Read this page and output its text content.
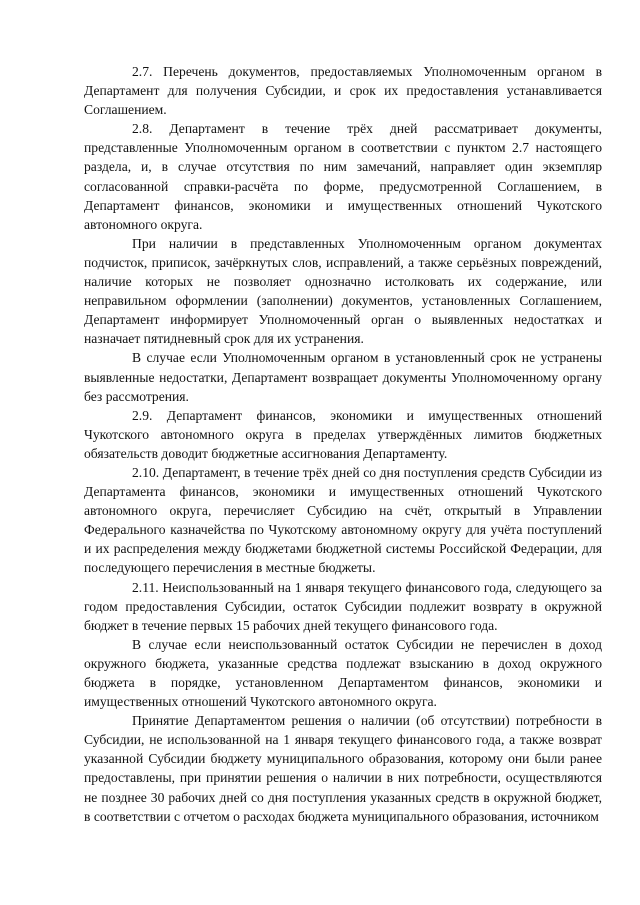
2.7. Перечень документов, предоставляемых Уполномоченным органом в Департамент для получения Субсидии, и срок их предоставления устанавливается Соглашением.

2.8. Департамент в течение трёх дней рассматривает документы, представленные Уполномоченным органом в соответствии с пунктом 2.7 настоящего раздела, и, в случае отсутствия по ним замечаний, направляет один экземпляр согласованной справки-расчёта по форме, предусмотренной Соглашением, в Департамент финансов, экономики и имущественных отношений Чукотского автономного округа.

При наличии в представленных Уполномоченным органом документах подчисток, приписок, зачёркнутых слов, исправлений, а также серьёзных повреждений, наличие которых не позволяет однозначно истолковать их содержание, или неправильном оформлении (заполнении) документов, установленных Соглашением, Департамент информирует Уполномоченный орган о выявленных недостатках и назначает пятидневный срок для их устранения.

В случае если Уполномоченным органом в установленный срок не устранены выявленные недостатки, Департамент возвращает документы Уполномоченному органу без рассмотрения.

2.9. Департамент финансов, экономики и имущественных отношений Чукотского автономного округа в пределах утверждённых лимитов бюджетных обязательств доводит бюджетные ассигнования Департаменту.

2.10. Департамент, в течение трёх дней со дня поступления средств Субсидии из Департамента финансов, экономики и имущественных отношений Чукотского автономного округа, перечисляет Субсидию на счёт, открытый в Управлении Федерального казначейства по Чукотскому автономному округу для учёта поступлений и их распределения между бюджетами бюджетной системы Российской Федерации, для последующего перечисления в местные бюджеты.

2.11. Неиспользованный на 1 января текущего финансового года, следующего за годом предоставления Субсидии, остаток Субсидии подлежит возврату в окружной бюджет в течение первых 15 рабочих дней текущего финансового года.

В случае если неиспользованный остаток Субсидии не перечислен в доход окружного бюджета, указанные средства подлежат взысканию в доход окружного бюджета в порядке, установленном Департаментом финансов, экономики и имущественных отношений Чукотского автономного округа.

Принятие Департаментом решения о наличии (об отсутствии) потребности в Субсидии, не использованной на 1 января текущего финансового года, а также возврат указанной Субсидии бюджету муниципального образования, которому они были ранее предоставлены, при принятии решения о наличии в них потребности, осуществляются не позднее 30 рабочих дней со дня поступления указанных средств в окружной бюджет, в соответствии с отчетом о расходах бюджета муниципального образования, источником
